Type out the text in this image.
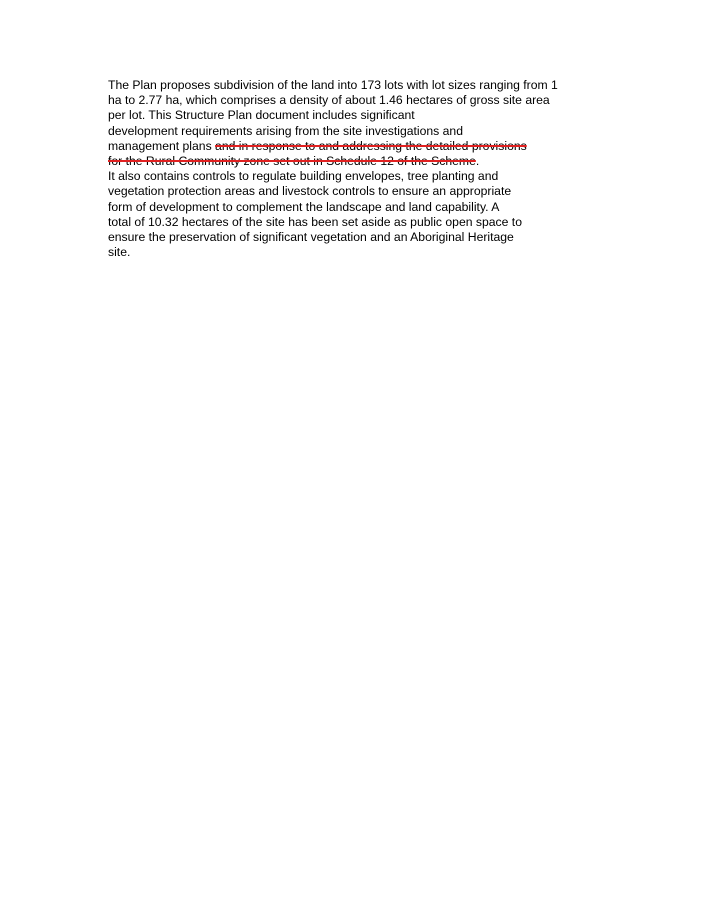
The Plan proposes subdivision of the land into 173 lots with lot sizes ranging from 1
ha to 2.77 ha, which comprises a density of about 1.46 hectares of gross site area
per lot. This Structure Plan document includes significant
development requirements arising from the site investigations and
management plans and in response to and addressing the detailed provisions
for the Rural Community zone set out in Schedule 12 of the Scheme.
It also contains controls to regulate building envelopes, tree planting and
vegetation protection areas and livestock controls to ensure an appropriate
form of development to complement the landscape and land capability. A
total of 10.32 hectares of the site has been set aside as public open space to
ensure the preservation of significant vegetation and an Aboriginal Heritage
site.
